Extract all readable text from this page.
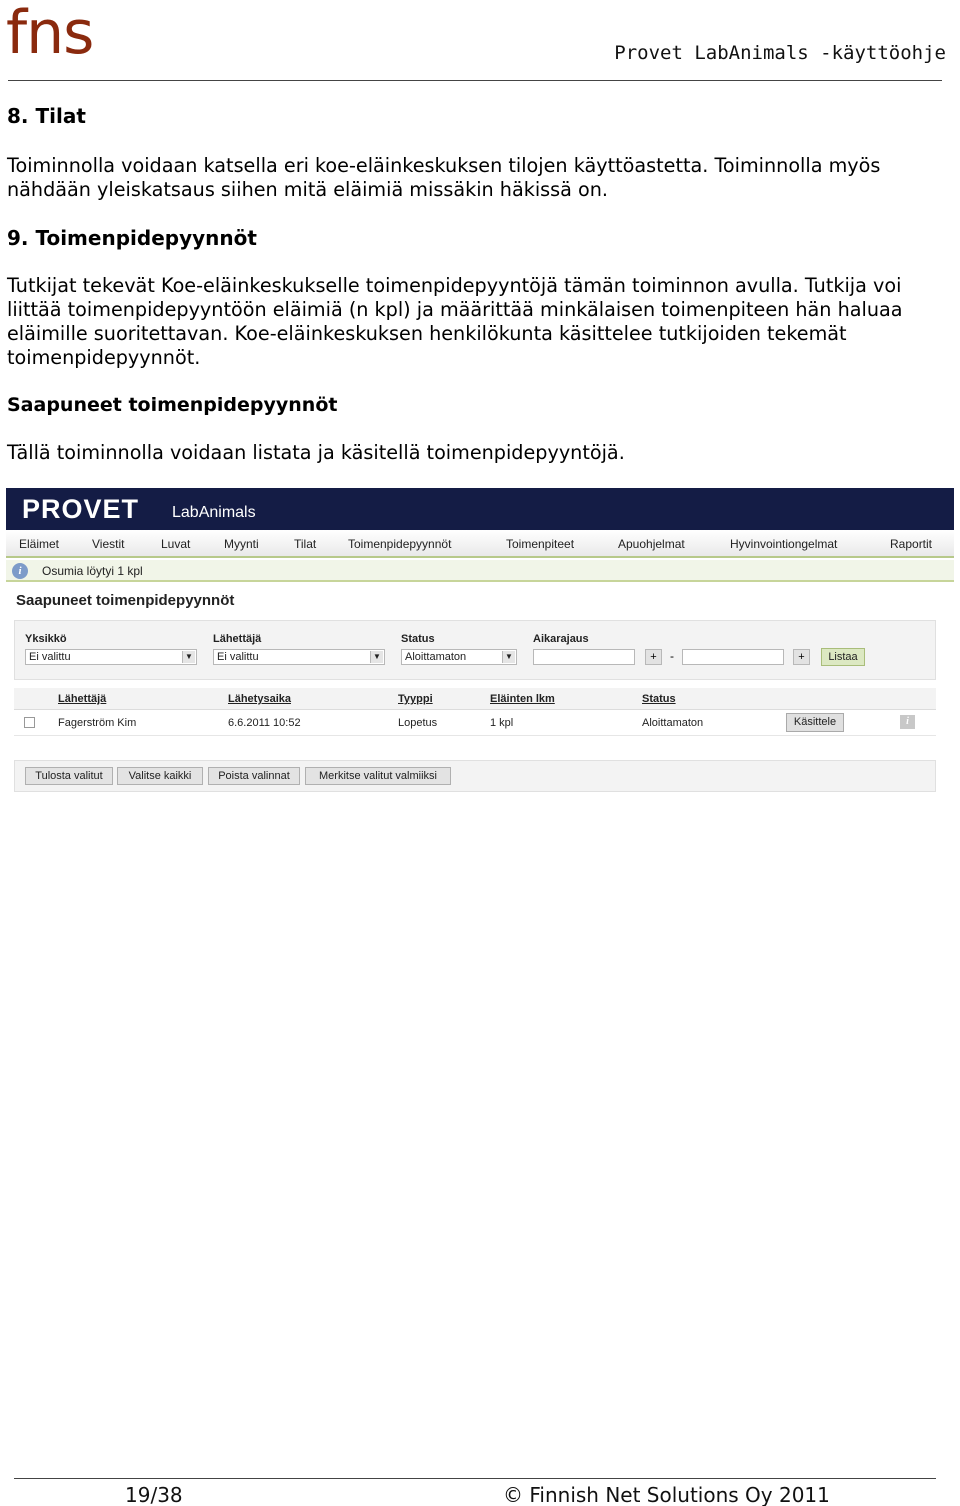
fns	Provet LabAnimals -käyttöohje
8. Tilat
Toiminnolla voidaan katsella eri koe-eläinkeskuksen tilojen käyttöastetta. Toiminnolla myös nähdään yleiskatsaus siihen mitä eläimiä missäkin häkissä on.
9. Toimenpidepyynnöt
Tutkijat tekevät Koe-eläinkeskukselle toimenpidepyyntöjä tämän toiminnon avulla. Tutkija voi liittää toimenpidepyyntöön eläimiä (n kpl) ja määrittää minkälaisen toimenpiteen hän haluaa eläimille suoritettavan. Koe-eläinkeskuksen henkilökunta käsittelee tutkijoiden tekemät toimenpidepyynnöt.
Saapuneet toimenpidepyynnöt
Tällä toiminnolla voidaan listata ja käsitellä toimenpidepyyntöjä.
PROVET LabAnimals
Eläimet	Viestit	Luvat	Myynti	Tilat	Toimenpidepyynnöt	Toimenpiteet	Apuohjelmat	Hyvinvointiongelmat	Raportit
i	Osumia löytyi 1 kpl
Saapuneet toimenpidepyynnöt
Yksikkö
Ei valittu	▼
Lähettäjä
Ei valittu	▼
Status
Aloittamaton	▼
Aikarajaus
+	-	+	Listaa
Lähettäjä	Lähetysaika	Tyyppi	Eläinten lkm	Status
Fagerström Kim	6.6.2011 10:52	Lopetus	1 kpl	Aloittamaton	Käsittele	i
Tulosta valitut	Valitse kaikki	Poista valinnat	Merkitse valitut valmiiksi
19/38	© Finnish Net Solutions Oy 2011
